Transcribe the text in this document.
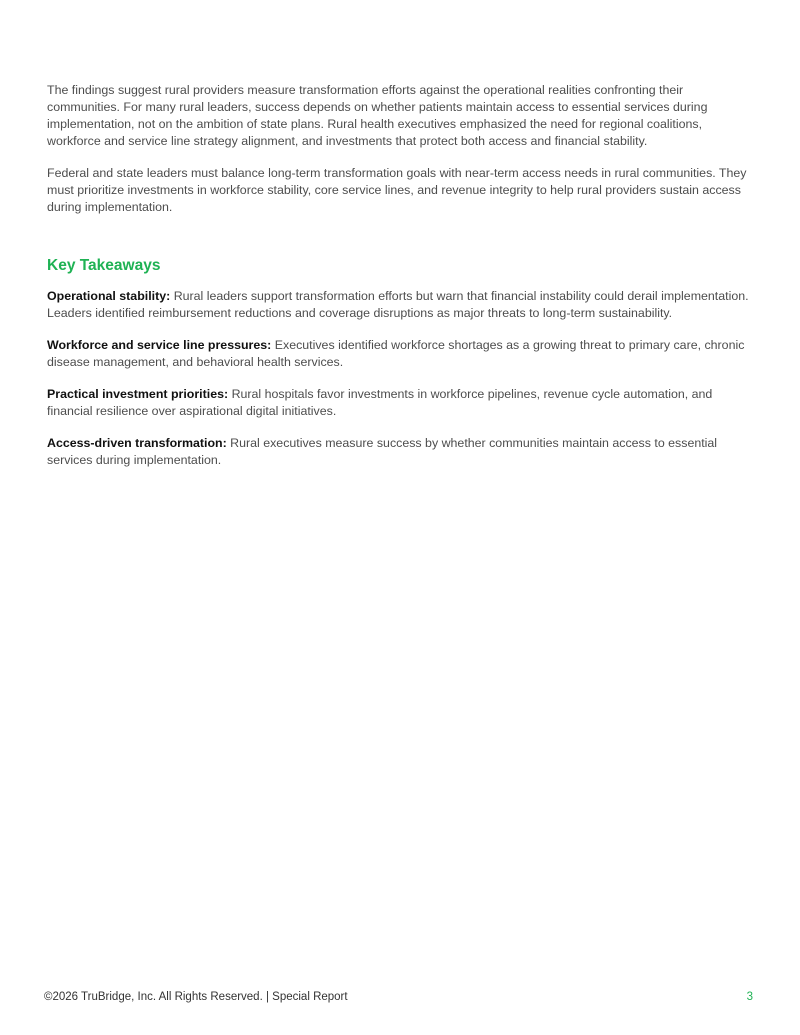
The findings suggest rural providers measure transformation efforts against the operational realities confronting their communities. For many rural leaders, success depends on whether patients maintain access to essential services during implementation, not on the ambition of state plans. Rural health executives emphasized the need for regional coalitions, workforce and service line strategy alignment, and investments that protect both access and financial stability.

Federal and state leaders must balance long-term transformation goals with near-term access needs in rural communities. They must prioritize investments in workforce stability, core service lines, and revenue integrity to help rural providers sustain access during implementation.

Key Takeaways

Operational stability: Rural leaders support transformation efforts but warn that financial instability could derail implementation. Leaders identified reimbursement reductions and coverage disruptions as major threats to long-term sustainability.

Workforce and service line pressures: Executives identified workforce shortages as a growing threat to primary care, chronic disease management, and behavioral health services.

Practical investment priorities: Rural hospitals favor investments in workforce pipelines, revenue cycle automation, and financial resilience over aspirational digital initiatives.

Access-driven transformation: Rural executives measure success by whether communities maintain access to essential services during implementation.

©2026 TruBridge, Inc. All Rights Reserved. | Special Report	3
